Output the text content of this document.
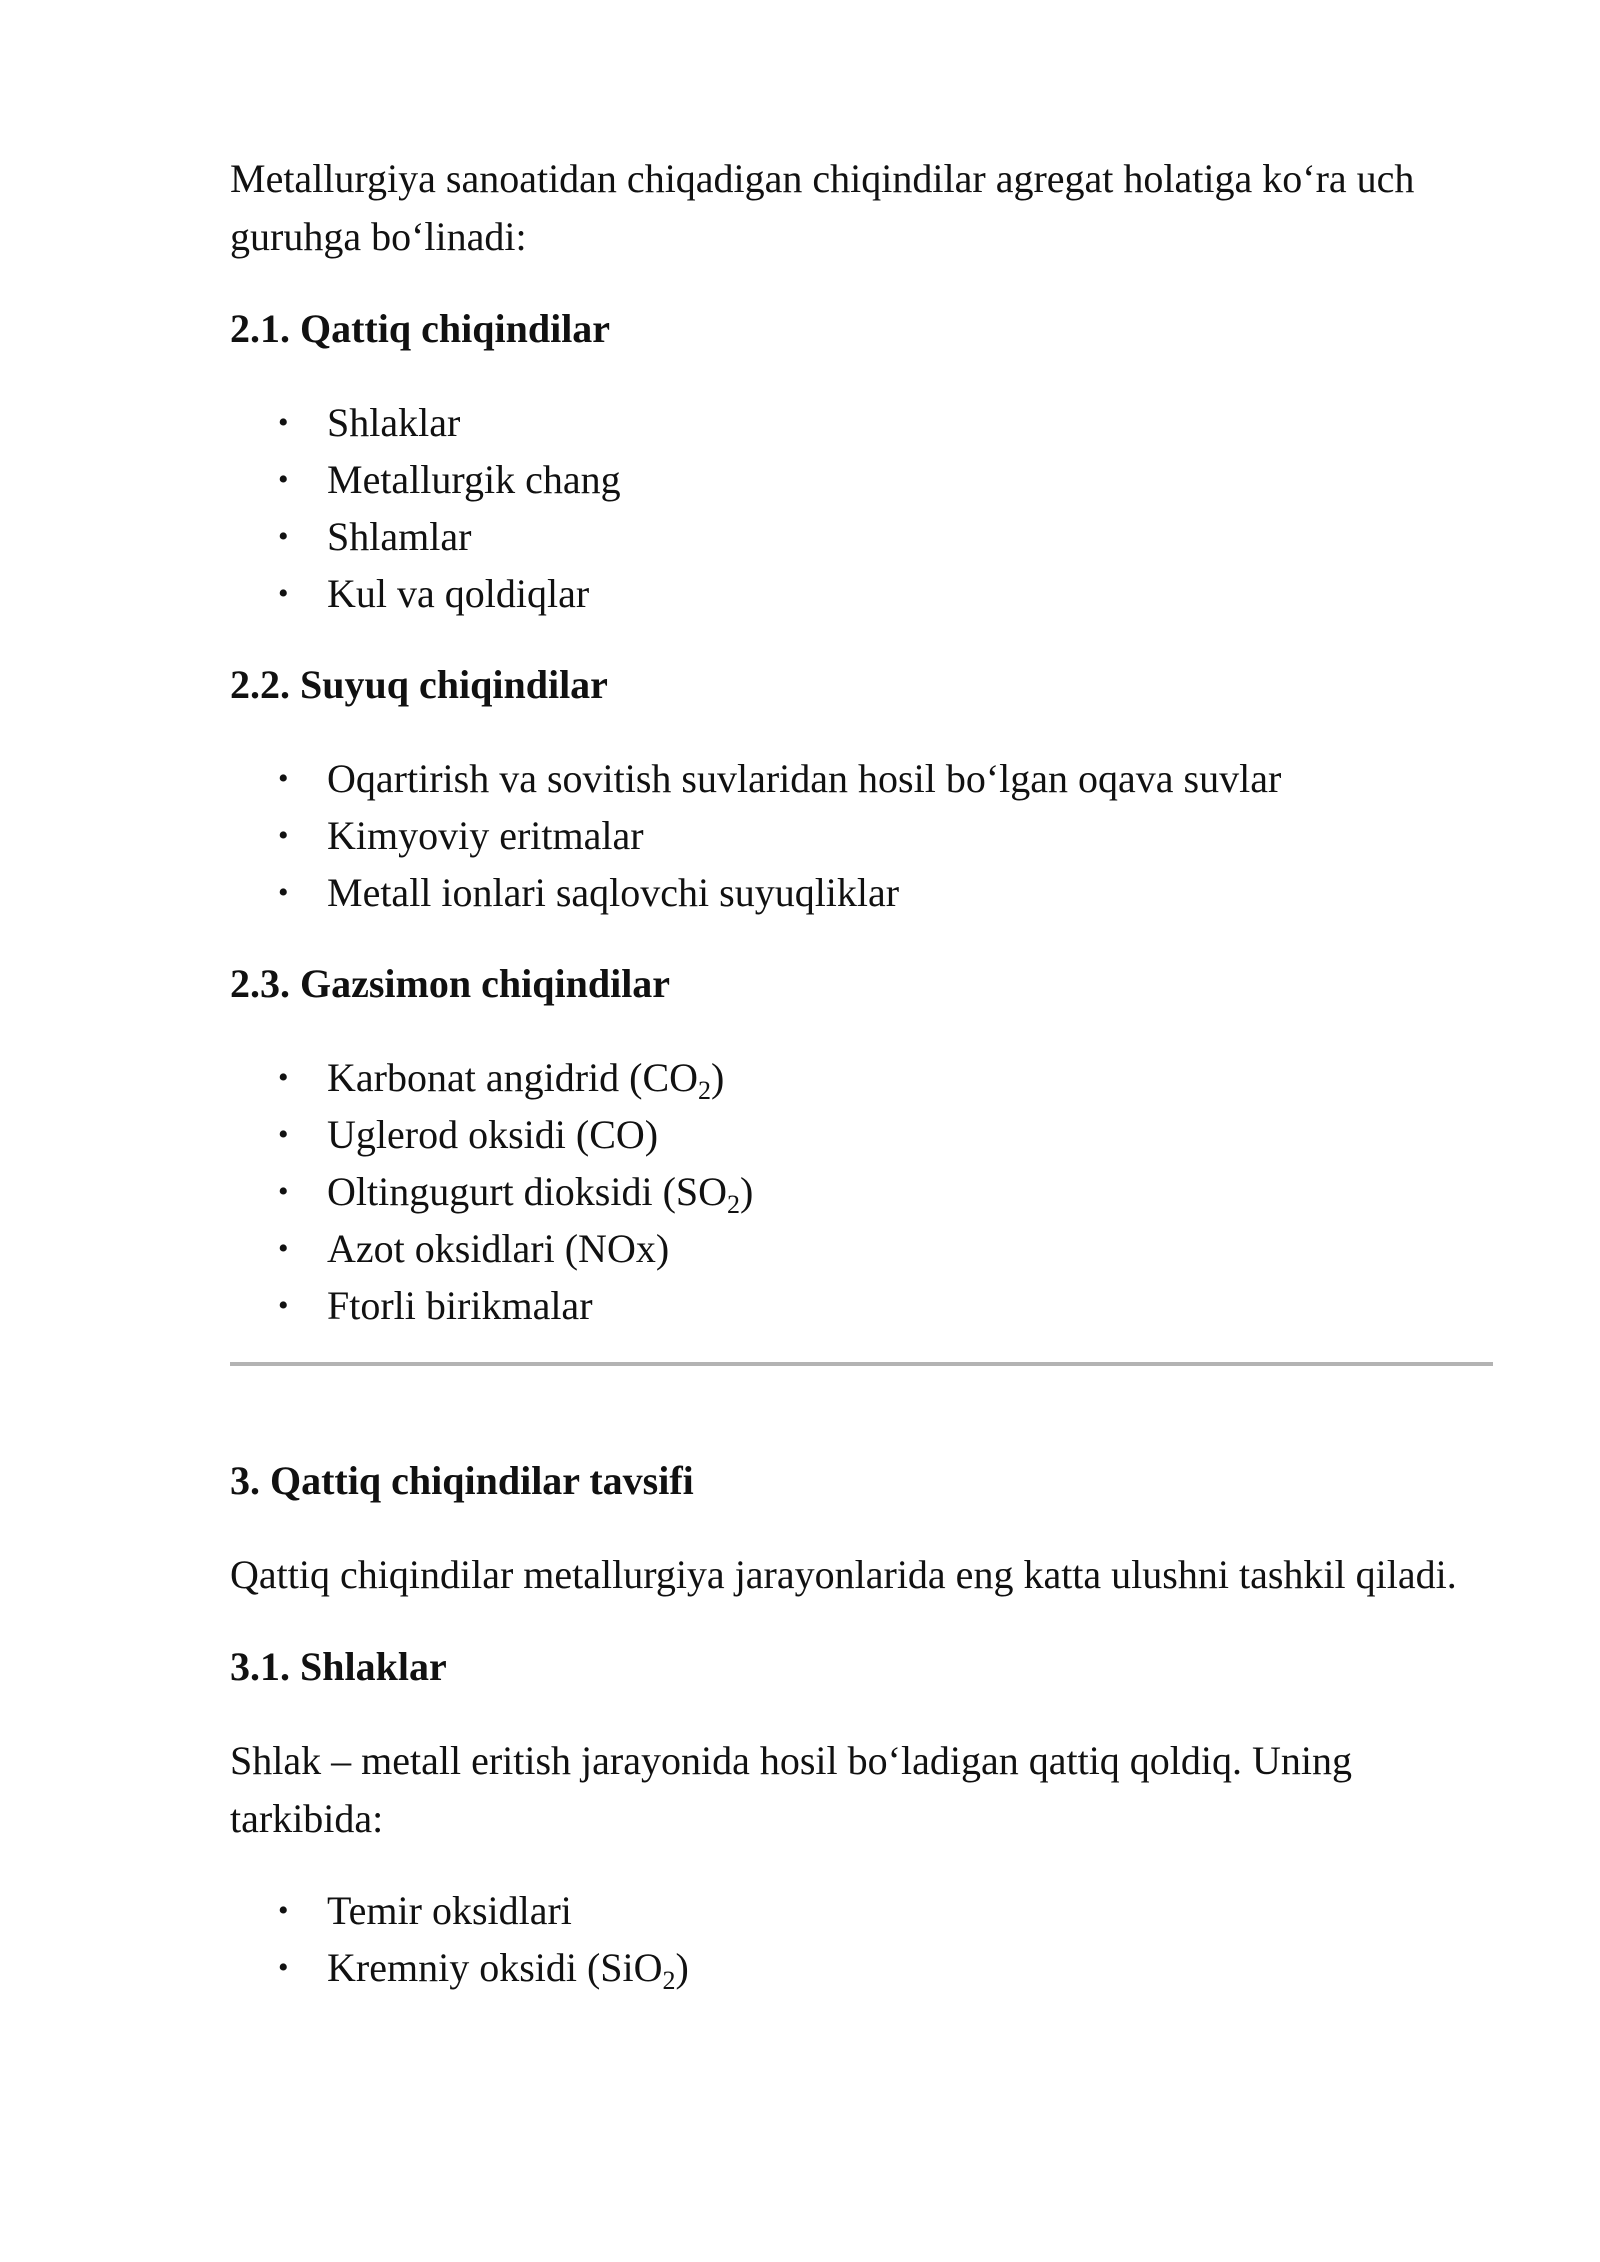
Metallurgiya sanoatidan chiqadigan chiqindilar agregat holatiga koʻra uch guruhga boʻlinadi:

2.1. Qattiq chiqindilar
• Shlaklar
• Metallurgik chang
• Shlamlar
• Kul va qoldiqlar
2.2. Suyuq chiqindilar
• Oqartirish va sovitish suvlaridan hosil boʻlgan oqava suvlar
• Kimyoviy eritmalar
• Metall ionlari saqlovchi suyuqliklar
2.3. Gazsimon chiqindilar
• Karbonat angidrid $(CO_2)$
• Uglerod oksidi (CO)
• Oltingugurt dioksidi $(SO_2)$
• Azot oksidlari (NOx)
• Ftorli birikmalar
3. Qattiq chiqindilar tavsifi

Qattiq chiqindilar metallurgiya jarayonlarida eng katta ulushni tashkil qiladi.

3.1. Shlaklar

Shlak – metall eritish jarayonida hosil boʻladigan qattiq qoldiq. Uning tarkibida:

• Temir oksidlari
• Kremniy oksidi (SiO$_2$)
